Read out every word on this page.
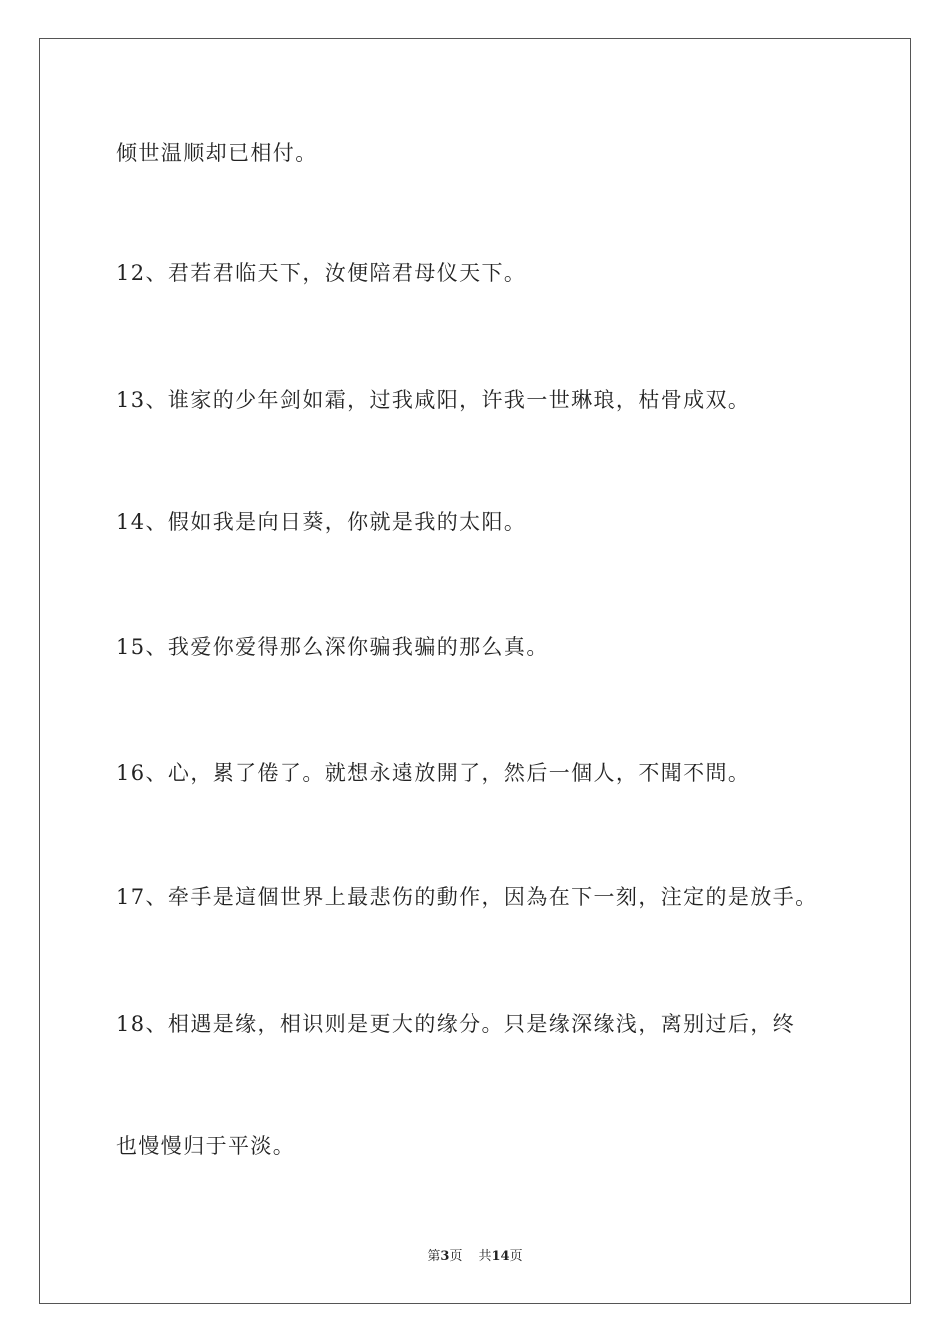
倾世温顺却已相付。
12、君若君临天下，汝便陪君母仪天下。
13、谁家的少年剑如霜，过我咸阳，许我一世琳琅，枯骨成双。
14、假如我是向日葵，你就是我的太阳。
15、我爱你爱得那么深你骗我骗的那么真。
16、心，累了倦了。就想永遠放開了，然后一個人，不聞不問。
17、牵手是這個世界上最悲伤的動作，因為在下一刻，注定的是放手。
18、相遇是缘，相识则是更大的缘分。只是缘深缘浅，离别过后，终
也慢慢归于平淡。
第3页 共14页
